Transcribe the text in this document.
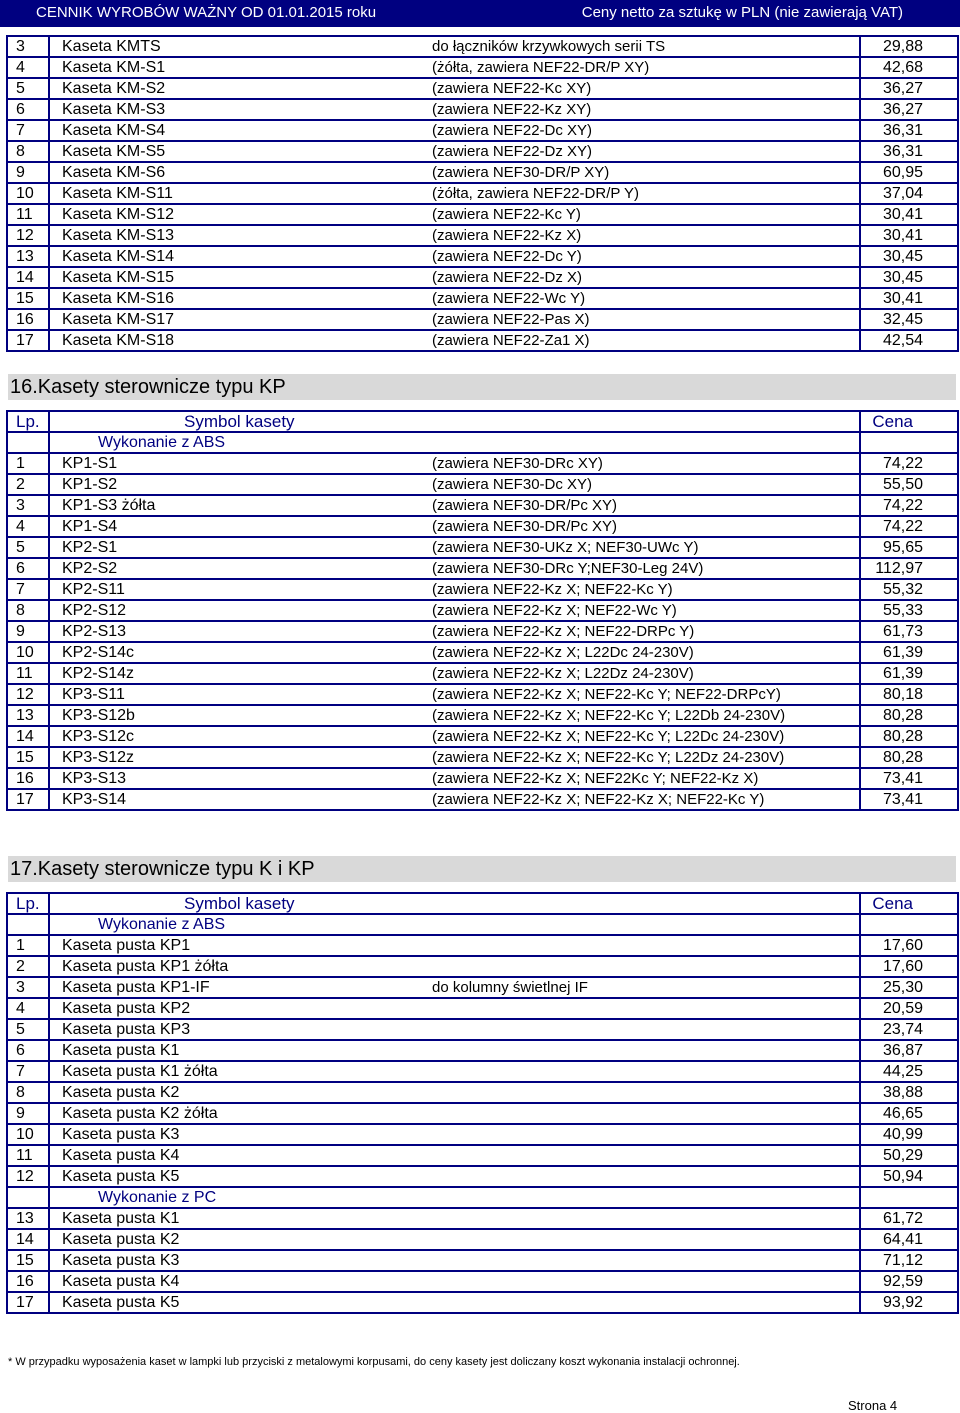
CENNIK WYROBÓW WAŻNY OD 01.01.2015 roku	Ceny netto za sztukę w PLN (nie zawierają VAT)
3	Kaseta KMTS	do łączników krzywkowych serii TS	29,88
4	Kaseta KM-S1	(żółta, zawiera NEF22-DR/P XY)	42,68
5	Kaseta KM-S2	(zawiera NEF22-Kc XY)	36,27
6	Kaseta KM-S3	(zawiera NEF22-Kz XY)	36,27
7	Kaseta KM-S4	(zawiera NEF22-Dc XY)	36,31
8	Kaseta KM-S5	(zawiera NEF22-Dz XY)	36,31
9	Kaseta KM-S6	(zawiera NEF30-DR/P XY)	60,95
10	Kaseta KM-S11	(żółta, zawiera NEF22-DR/P Y)	37,04
11	Kaseta KM-S12	(zawiera NEF22-Kc Y)	30,41
12	Kaseta KM-S13	(zawiera NEF22-Kz X)	30,41
13	Kaseta KM-S14	(zawiera NEF22-Dc Y)	30,45
14	Kaseta KM-S15	(zawiera NEF22-Dz X)	30,45
15	Kaseta KM-S16	(zawiera NEF22-Wc Y)	30,41
16	Kaseta KM-S17	(zawiera NEF22-Pas X)	32,45
17	Kaseta KM-S18	(zawiera NEF22-Za1 X)	42,54
16.Kasety sterownicze typu KP
Lp.	Symbol kasety		Cena
	Wykonanie z ABS		
1	KP1-S1	(zawiera NEF30-DRc XY)	74,22
2	KP1-S2	(zawiera NEF30-Dc XY)	55,50
3	KP1-S3 żółta	(zawiera NEF30-DR/Pc XY)	74,22
4	KP1-S4	(zawiera NEF30-DR/Pc XY)	74,22
5	KP2-S1	(zawiera NEF30-UKz X; NEF30-UWc Y)	95,65
6	KP2-S2	(zawiera NEF30-DRc Y;NEF30-Leg 24V)	112,97
7	KP2-S11	(zawiera NEF22-Kz X; NEF22-Kc Y)	55,32
8	KP2-S12	(zawiera NEF22-Kz X; NEF22-Wc Y)	55,33
9	KP2-S13	(zawiera NEF22-Kz X; NEF22-DRPc Y)	61,73
10	KP2-S14c	(zawiera NEF22-Kz X; L22Dc 24-230V)	61,39
11	KP2-S14z	(zawiera NEF22-Kz X; L22Dz 24-230V)	61,39
12	KP3-S11	(zawiera NEF22-Kz X; NEF22-Kc Y; NEF22-DRPcY)	80,18
13	KP3-S12b	(zawiera NEF22-Kz X; NEF22-Kc Y; L22Db 24-230V)	80,28
14	KP3-S12c	(zawiera NEF22-Kz X; NEF22-Kc Y; L22Dc 24-230V)	80,28
15	KP3-S12z	(zawiera NEF22-Kz X; NEF22-Kc Y; L22Dz 24-230V)	80,28
16	KP3-S13	(zawiera NEF22-Kz X; NEF22Kc Y; NEF22-Kz X)	73,41
17	KP3-S14	(zawiera NEF22-Kz X; NEF22-Kz X; NEF22-Kc Y)	73,41
17.Kasety sterownicze typu K i KP
Lp.	Symbol kasety		Cena
	Wykonanie z ABS		
1	Kaseta pusta KP1		17,60
2	Kaseta pusta KP1 żółta		17,60
3	Kaseta pusta KP1-IF	do kolumny świetlnej IF	25,30
4	Kaseta pusta KP2		20,59
5	Kaseta pusta KP3		23,74
6	Kaseta pusta K1		36,87
7	Kaseta pusta K1 żółta		44,25
8	Kaseta pusta K2		38,88
9	Kaseta pusta K2 żółta		46,65
10	Kaseta pusta K3		40,99
11	Kaseta pusta K4		50,29
12	Kaseta pusta K5		50,94
	Wykonanie z PC		
13	Kaseta pusta K1		61,72
14	Kaseta pusta K2		64,41
15	Kaseta pusta K3		71,12
16	Kaseta pusta K4		92,59
17	Kaseta pusta K5		93,92
* W przypadku wyposażenia kaset w lampki lub przyciski z metalowymi korpusami, do ceny kasety jest doliczany koszt wykonania instalacji ochronnej.
Strona 4
